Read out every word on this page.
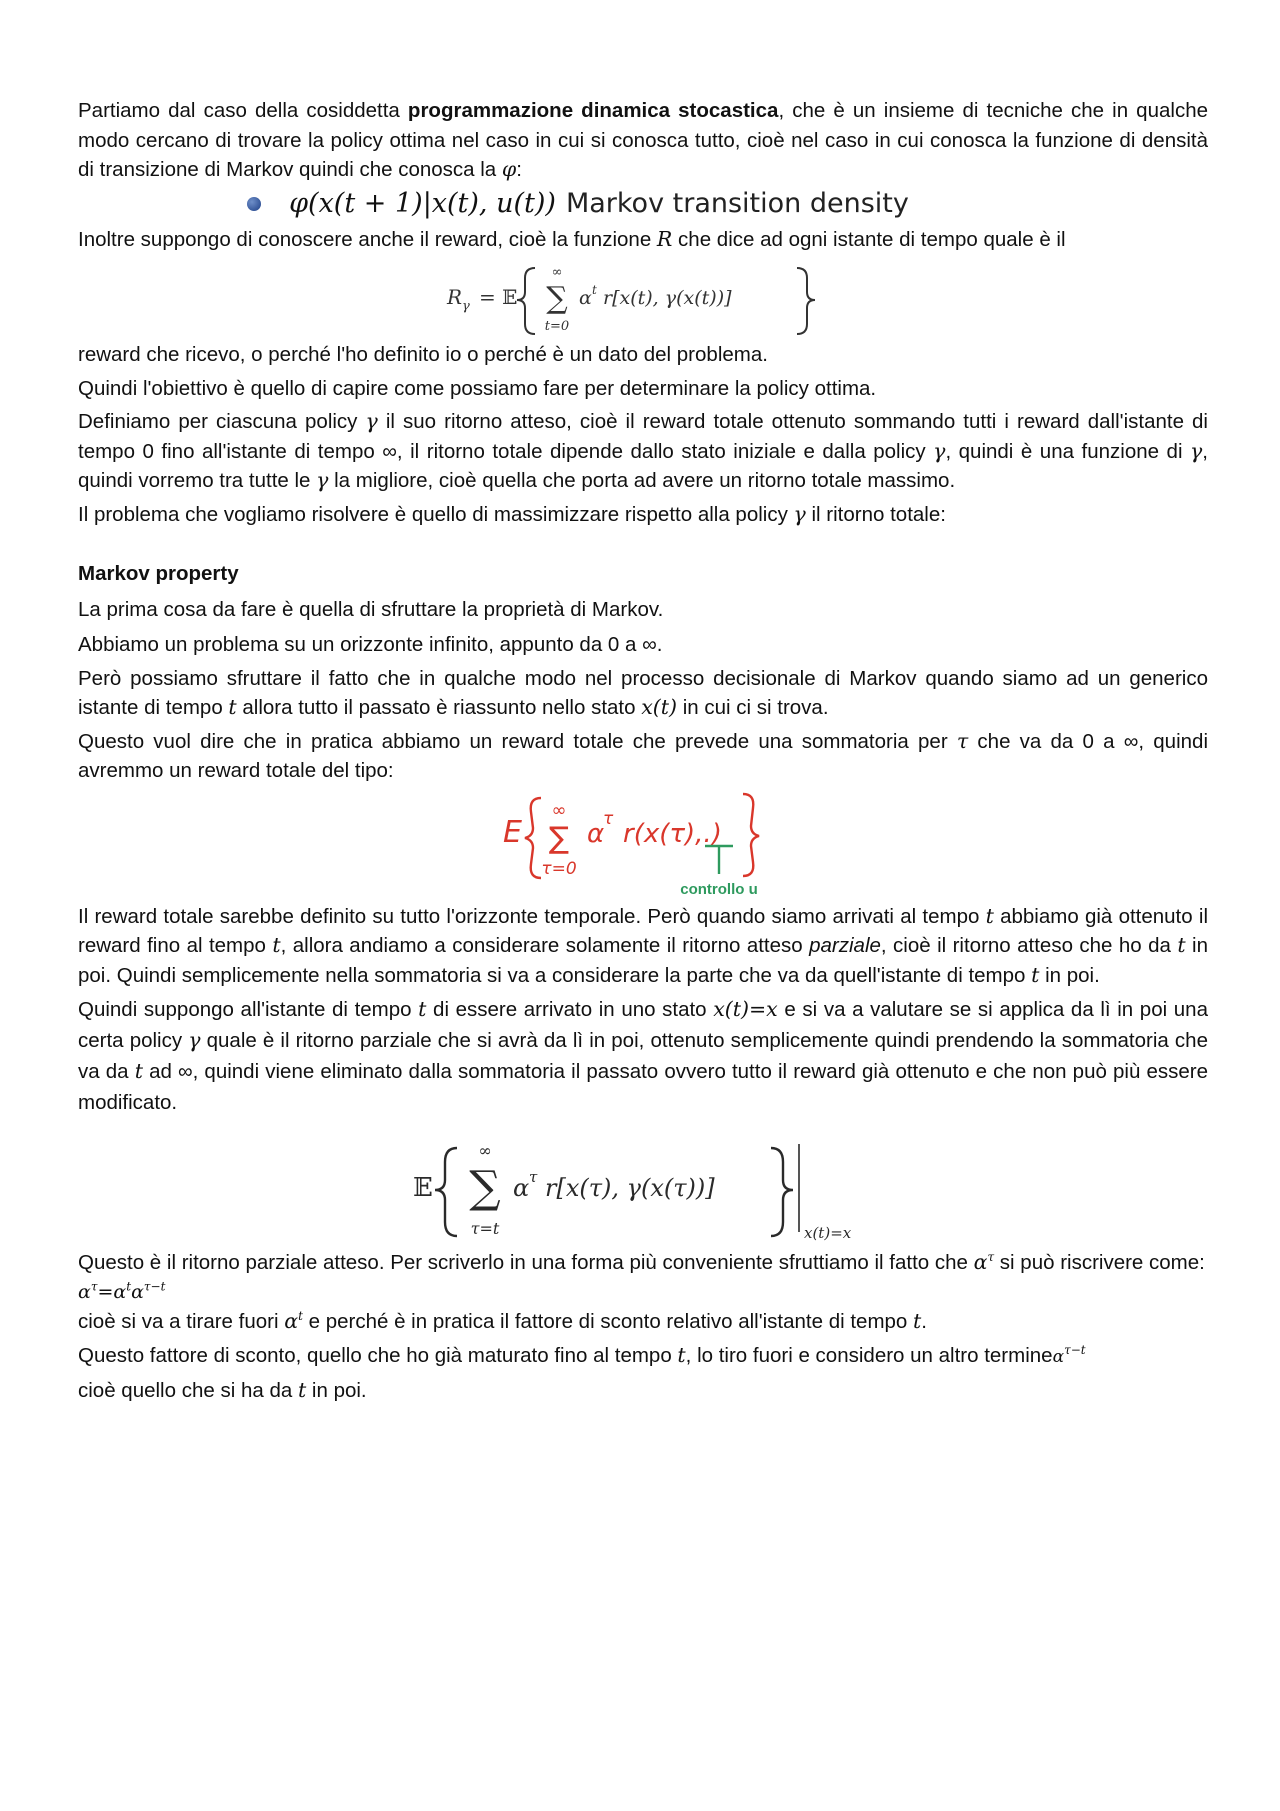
Partiamo dal caso della cosiddetta programmazione dinamica stocastica, che è un insieme di tecniche che in qualche modo cercano di trovare la policy ottima nel caso in cui si conosca tutto, cioè nel caso in cui conosca la funzione di densità di transizione di Markov quindi che conosca la φ:

φ(x(t + 1)|x(t), u(t)) Markov transition density

Inoltre suppongo di conoscere anche il reward, cioè la funzione R che dice ad ogni istante di tempo quale è il

R γ = 𝔼
∞
∑
t=0
α t r[x(t), γ(x(t))]

reward che ricevo, o perché l'ho definito io o perché è un dato del problema.

Quindi l'obiettivo è quello di capire come possiamo fare per determinare la policy ottima.

Definiamo per ciascuna policy γ il suo ritorno atteso, cioè il reward totale ottenuto sommando tutti i reward dall'istante di tempo 0 fino all'istante di tempo ∞, il ritorno totale dipende dallo stato iniziale e dalla policy γ, quindi è una funzione di γ, quindi vorremo tra tutte le γ la migliore, cioè quella che porta ad avere un ritorno totale massimo.

Il problema che vogliamo risolvere è quello di massimizzare rispetto alla policy γ il ritorno totale:

Markov property

La prima cosa da fare è quella di sfruttare la proprietà di Markov.

Abbiamo un problema su un orizzonte infinito, appunto da 0 a ∞.

Però possiamo sfruttare il fatto che in qualche modo nel processo decisionale di Markov quando siamo ad un generico istante di tempo t allora tutto il passato è riassunto nello stato x(t) in cui ci si trova.

Questo vuol dire che in pratica abbiamo un reward totale che prevede una sommatoria per τ che va da 0 a ∞, quindi avremmo un reward totale del tipo:

E
∞
∑
τ=0
α
τ r(x(τ),.)
controllo u

Il reward totale sarebbe definito su tutto l'orizzonte temporale. Però quando siamo arrivati al tempo t abbiamo già ottenuto il reward fino al tempo t, allora andiamo a considerare solamente il ritorno atteso parziale, cioè il ritorno atteso che ho da t in poi. Quindi semplicemente nella sommatoria si va a considerare la parte che va da quell'istante di tempo t in poi.

Quindi suppongo all'istante di tempo t di essere arrivato in uno stato x(t)=x e si va a valutare se si applica da lì in poi una certa policy γ quale è il ritorno parziale che si avrà da lì in poi, ottenuto semplicemente quindi prendendo la sommatoria che va da t ad ∞, quindi viene eliminato dalla sommatoria il passato ovvero tutto il reward già ottenuto e che non può più essere modificato.

𝔼
∞
∑
τ=t
α τ r[x(τ), γ(x(τ))]
x(t)=x

Questo è il ritorno parziale atteso. Per scriverlo in una forma più conveniente sfruttiamo il fatto che $\alpha^\tau$ si può riscrivere come:

$\alpha^\tau=\alpha^t\alpha^{\tau-t}$

cioè si va a tirare fuori $\alpha^t$ e perché è in pratica il fattore di sconto relativo all'istante di tempo t.

Questo fattore di sconto, quello che ho già maturato fino al tempo t, lo tiro fuori e considero un altro termineα$^{\tau-t}$

cioè quello che si ha da t in poi.
